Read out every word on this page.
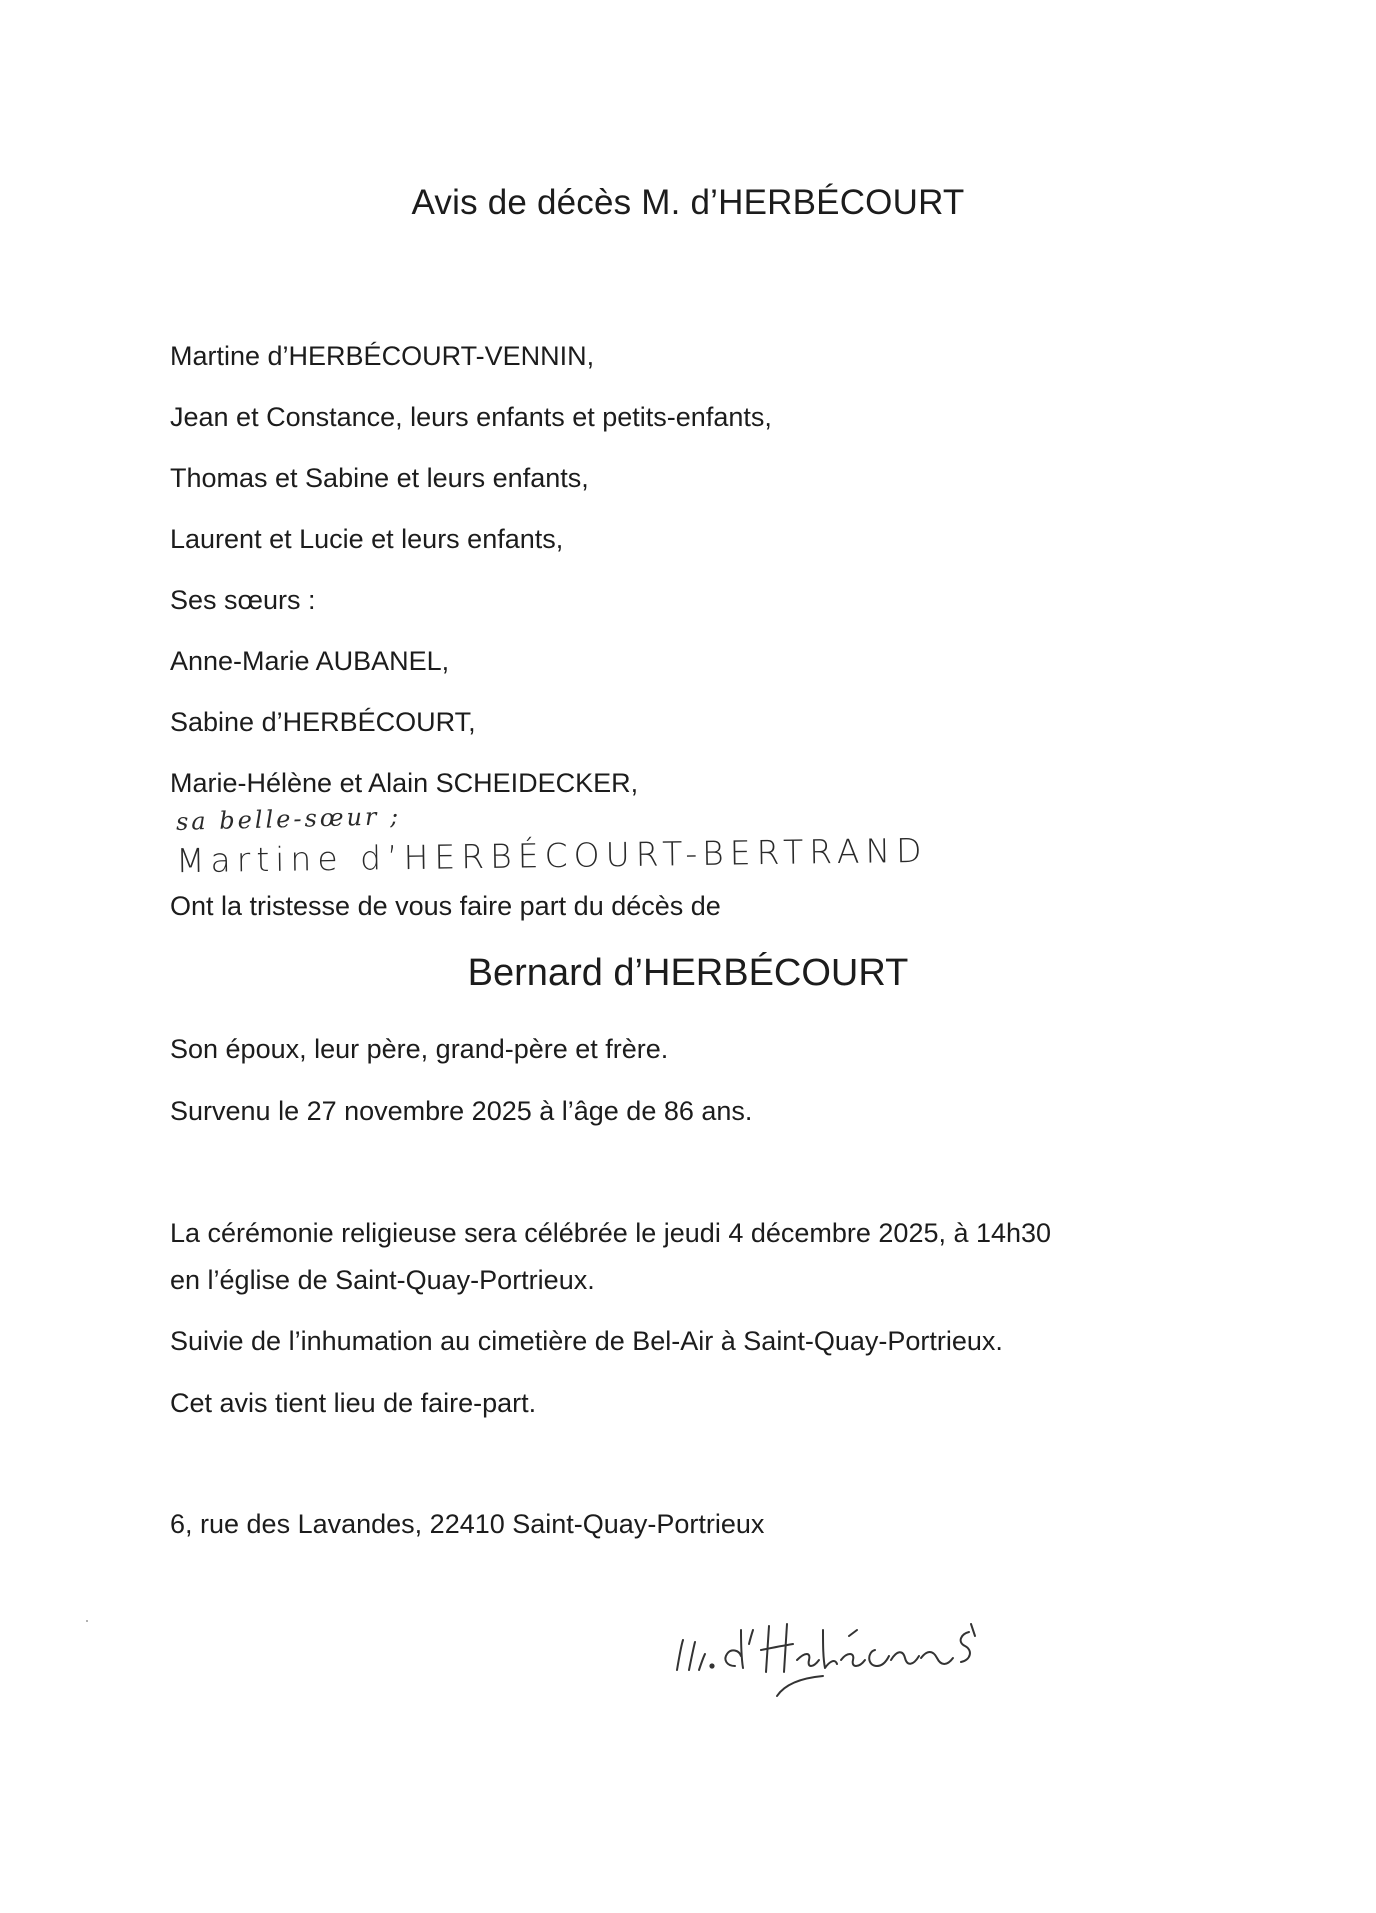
Avis de décès M. d’HERBÉCOURT
Martine d’HERBÉCOURT-VENNIN,
Jean et Constance, leurs enfants et petits-enfants,
Thomas et Sabine et leurs enfants,
Laurent et Lucie et leurs enfants,
Ses sœurs :
Anne-Marie AUBANEL,
Sabine d’HERBÉCOURT,
Marie-Hélène et Alain SCHEIDECKER,
sa belle-sœur ;
Martine d’HERBÉCOURT-BERTRAND
Ont la tristesse de vous faire part du décès de
Bernard d’HERBÉCOURT
Son époux, leur père, grand-père et frère.
Survenu le 27 novembre 2025 à l’âge de 86 ans.
La cérémonie religieuse sera célébrée le jeudi 4 décembre 2025, à 14h30
en l’église de Saint-Quay-Portrieux.
Suivie de l’inhumation au cimetière de Bel-Air à Saint-Quay-Portrieux.
Cet avis tient lieu de faire-part.
6, rue des Lavandes, 22410 Saint-Quay-Portrieux
